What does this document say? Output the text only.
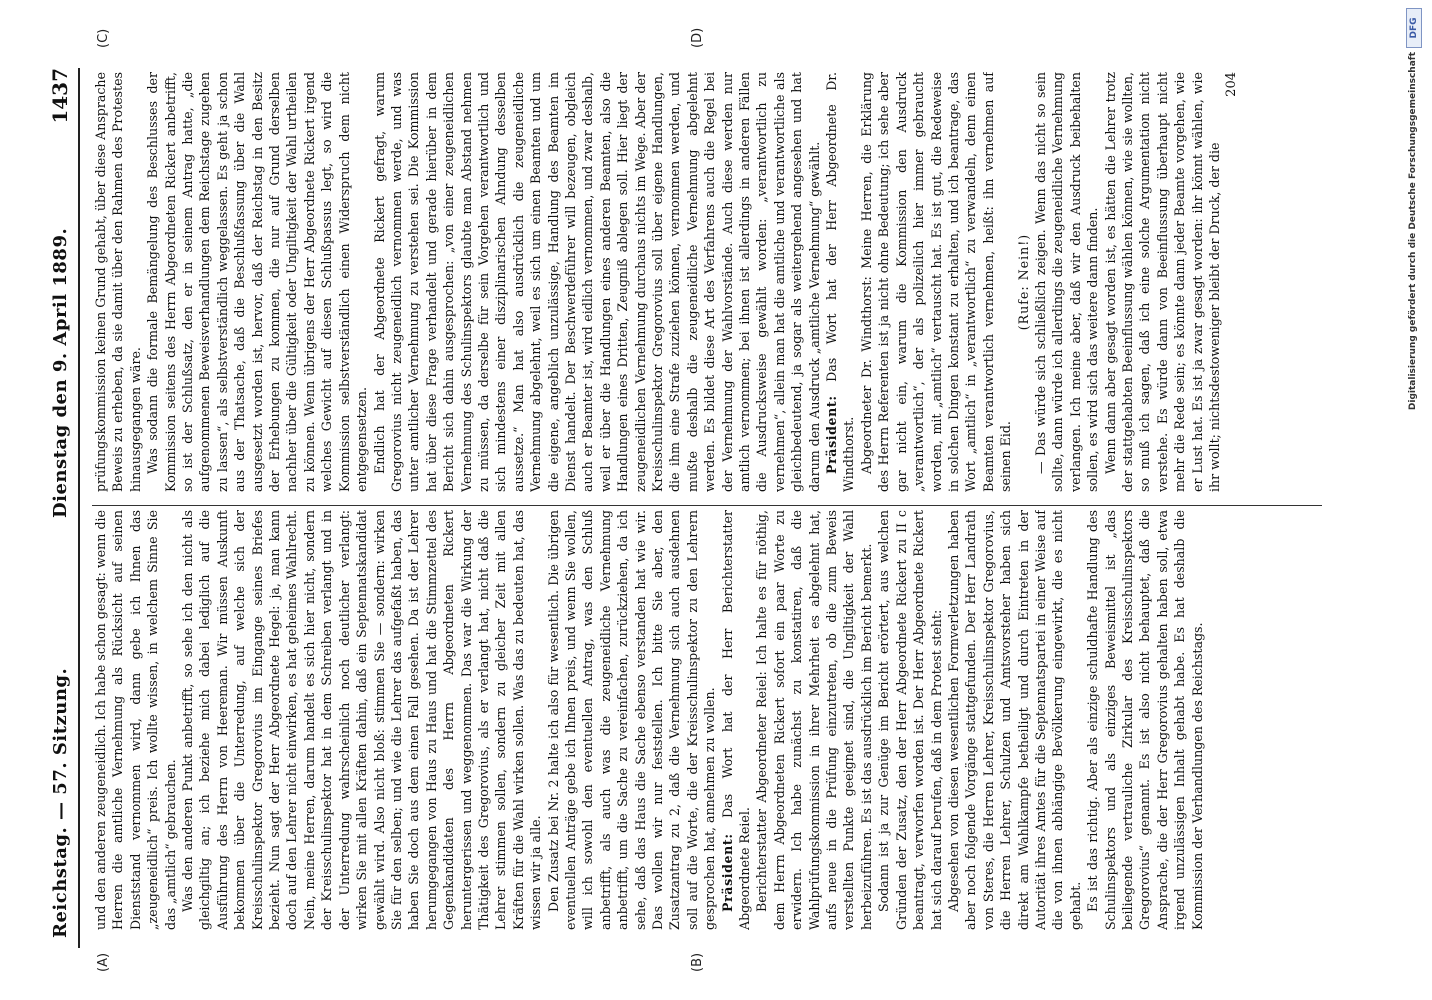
Reichstag. — 57. Sitzung.
Dienstag den 9. April 1889.
1437
(A)	(B)
(C)	(D)

und den anderen zeugeneidlich. Ich habe schon gesagt: wenn die Herren die amtliche Vernehmung als Rücksicht auf seinen Dienststand vernommen wird, dann gebe ich Ihnen das „zeugeneidlich“ preis. Ich wollte wissen, in welchem Sinne Sie das „amtlich“ gebrauchen. Was den anderen Punkt anbetrifft, so sehe ich den nicht als gleichgiltig an; ich beziehe mich dabei lediglich auf die Ausführung des Herrn von Heereman. Wir müssen Auskunft bekommen über die Unterredung, auf welche sich der Kreisschulinspektor Gregorovius im Eingange seines Briefes bezieht. Nun sagt der Herr Abgeordnete Hegel: ja, man kann doch auf den Lehrer nicht einwirken, es hat geheimes Wahlrecht. Nein, meine Herren, darum handelt es sich hier nicht, sondern der Kreisschulinspektor hat in dem Schreiben verlangt und in der Unterredung wahrscheinlich noch deutlicher verlangt: wirken Sie mit allen Kräften dahin, daß ein Septennatskandidat gewählt wird. Also nicht bloß: stimmen Sie — sondern: wirken Sie für den selben; und wie die Lehrer das aufgefaßt haben, das haben Sie doch aus dem einen Fall gesehen. Da ist der Lehrer herumgegangen von Haus zu Haus und hat die Stimmzettel des Gegenkandidaten des Herrn Abgeordneten Rickert heruntergerissen und weggenommen. Das war die Wirkung der Thätigkeit des Gregorovius, als er verlangt hat, nicht daß die Lehrer stimmen sollen, sondern zu gleicher Zeit mit allen Kräften für die Wahl wirken sollen. Was das zu bedeuten hat, das wissen wir ja alle. Den Zusatz bei Nr. 2 halte ich also für wesentlich. Die übrigen eventuellen Anträge gebe ich Ihnen preis, und wenn Sie wollen, will ich sowohl den eventuellen Antrag, was den Schluß anbetrifft, als auch was die zeugeneidliche Vernehmung anbetrifft, um die Sache zu vereinfachen, zurückziehen, da ich sehe, daß das Haus die Sache ebenso verstanden hat wie wir. Das wollen wir nur feststellen. Ich bitte Sie aber, den Zusatzantrag zu 2, daß die Vernehmung sich auch ausdehnen soll auf die Worte, die der Kreisschulinspektor zu den Lehrern gesprochen hat, annehmen zu wollen. Präsident: Das Wort hat der Herr Berichterstatter Abgeordnete Reiel. Berichterstatter Abgeordneter Reiel: Ich halte es für nöthig, dem Herrn Abgeordneten Rickert sofort ein paar Worte zu erwidern. Ich habe zunächst zu konstatiren, daß die Wahlprüfungskommission in ihrer Mehrheit es abgelehnt hat, aufs neue in die Prüfung einzutreten, ob die zum Beweis verstellten Punkte geeignet sind, die Ungiltigkeit der Wahl herbeizuführen. Es ist das ausdrücklich im Bericht bemerkt. Sodann ist ja zur Genüge im Bericht erörtert, aus welchen Gründen der Zusatz, den der Herr Abgeordnete Rickert zu II c beantragt, verworfen worden ist. Der Herr Abgeordnete Rickert hat sich darauf berufen, daß in dem Protest steht: Abgesehen von diesen wesentlichen Formverletzungen haben aber noch folgende Vorgänge stattgefunden. Der Herr Landrath von Steres, die Herren Lehrer, Kreisschulinspektor Gregorovius, die Herren Lehrer, Schulzen und Amtsvorsteher haben sich direkt am Wahlkampfe betheiligt und durch Eintreten in der Autorität ihres Amtes für die Septennatspartei in einer Weise auf die von ihnen abhängige Bevölkerung eingewirkt, die es nicht gehabt. Es ist das richtig. Aber als einzige schuldhafte Handlung des Schulinspektors und als einziges Beweismittel ist „das beiliegende vertrauliche Zirkular des Kreisschulinspektors Gregorovius“ genannt. Es ist also nicht behauptet, daß die Ansprache, die der Herr Gregorovius gehalten haben soll, etwa irgend unzulässigen Inhalt gehabt habe. Es hat deshalb die Kommission der Verhandlungen des Reichstags.

prüfungskommission keinen Grund gehabt, über diese Ansprache Beweis zu erheben, da sie damit über den Rahmen des Protestes hinausgegangen wäre. Was sodann die formale Bemängelung des Beschlusses der Kommission seitens des Herrn Abgeordneten Rickert anbetrifft, so ist der Schlußsatz, den er in seinem Antrag hatte, „die aufgenommenen Beweisverhandlungen dem Reichstage zugehen zu lassen“, als selbstverständlich weggelassen. Es geht ja schon aus der Thatsache, daß die Beschlußfassung über die Wahl ausgesetzt worden ist, hervor, daß der Reichstag in den Besitz der Erhebungen zu kommen, die nur auf Grund derselben nachher über die Gültigkeit oder Ungiltigkeit der Wahl urtheilen zu können. Wenn übrigens der Herr Abgeordnete Rickert irgend welches Gewicht auf diesen Schlußpassus legt, so wird die Kommission selbstverständlich einen Widerspruch dem nicht entgegensetzen. Endlich hat der Abgeordnete Rickert gefragt, warum Gregorovius nicht zeugeneidlich vernommen werde, und was unter amtlicher Vernehmung zu verstehen sei. Die Kommission hat über diese Frage verhandelt und gerade hierüber in dem Bericht sich dahin ausgesprochen: „von einer zeugeneidlichen Vernehmung des Schulinspektors glaubte man Abstand nehmen zu müssen, da derselbe für sein Vorgehen verantwortlich und sich mindestens einer disziplinarischen Ahndung desselben aussetze.“ Man hat also ausdrücklich die zeugeneidliche Vernehmung abgelehnt, weil es sich um einen Beamten und um die eigene, angeblich unzulässige, Handlung des Beamten im Dienst handelt. Der Beschwerdeführer will bezeugen, obgleich auch er Beamter ist, wird eidlich vernommen, und zwar deshalb, weil er über die Handlungen eines anderen Beamten, also die Handlungen eines Dritten, Zeugniß ablegen soll. Hier liegt der zeugeneidlichen Vernehmung durchaus nichts im Wege. Aber der Kreisschulinspektor Gregorovius soll über eigene Handlungen, die ihm eine Strafe zuziehen können, vernommen werden, und mußte deshalb die zeugeneidliche Vernehmung abgelehnt werden. Es bildet diese Art des Verfahrens auch die Regel bei der Vernehmung der Wahlvorstände. Auch diese werden nur amtlich vernommen; bei ihnen ist allerdings in anderen Fällen die Ausdrucksweise gewählt worden: „verantwortlich zu vernehmen“, allein man hat die amtliche und verantwortliche als gleichbedeutend, ja sogar als weitergehend angesehen und hat darum den Ausdruck „amtliche Vernehmung“ gewählt. Präsident: Das Wort hat der Herr Abgeordnete Dr. Windthorst. Abgeordneter Dr. Windthorst: Meine Herren, die Erklärung des Herrn Referenten ist ja nicht ohne Bedeutung; ich sehe aber gar nicht ein, warum die Kommission den Ausdruck „verantwortlich“, der als polizeilich hier immer gebraucht worden, mit „amtlich“ vertauscht hat. Es ist gut, die Redeweise in solchen Dingen konstant zu erhalten, und ich beantrage, das Wort „amtlich“ in „verantwortlich“ zu verwandeln, denn einen Beamten verantwortlich vernehmen, heißt: ihn vernehmen auf seinen Eid.

(Rufe: Nein!) — Das würde sich schließlich zeigen. Wenn das nicht so sein sollte, dann würde ich allerdings die zeugeneidliche Vernehmung verlangen. Ich meine aber, daß wir den Ausdruck beibehalten sollen, es wird sich das weitere dann finden. Wenn dann aber gesagt worden ist, es hätten die Lehrer trotz der stattgehabten Beeinflussung wählen können, wie sie wollten, so muß ich sagen, daß ich eine solche Argumentation nicht verstehe. Es würde dann von Beeinflussung überhaupt nicht mehr die Rede sein; es könnte dann jeder Beamte vorgehen, wie er Lust hat. Es ist ja zwar gesagt worden: ihr könnt wählen, wie ihr wollt; nichtsdestoweniger bleibt der Druck, der die

204	Digitalisierung gefördert durch die Deutsche Forschungsgemeinschaft
DFG
